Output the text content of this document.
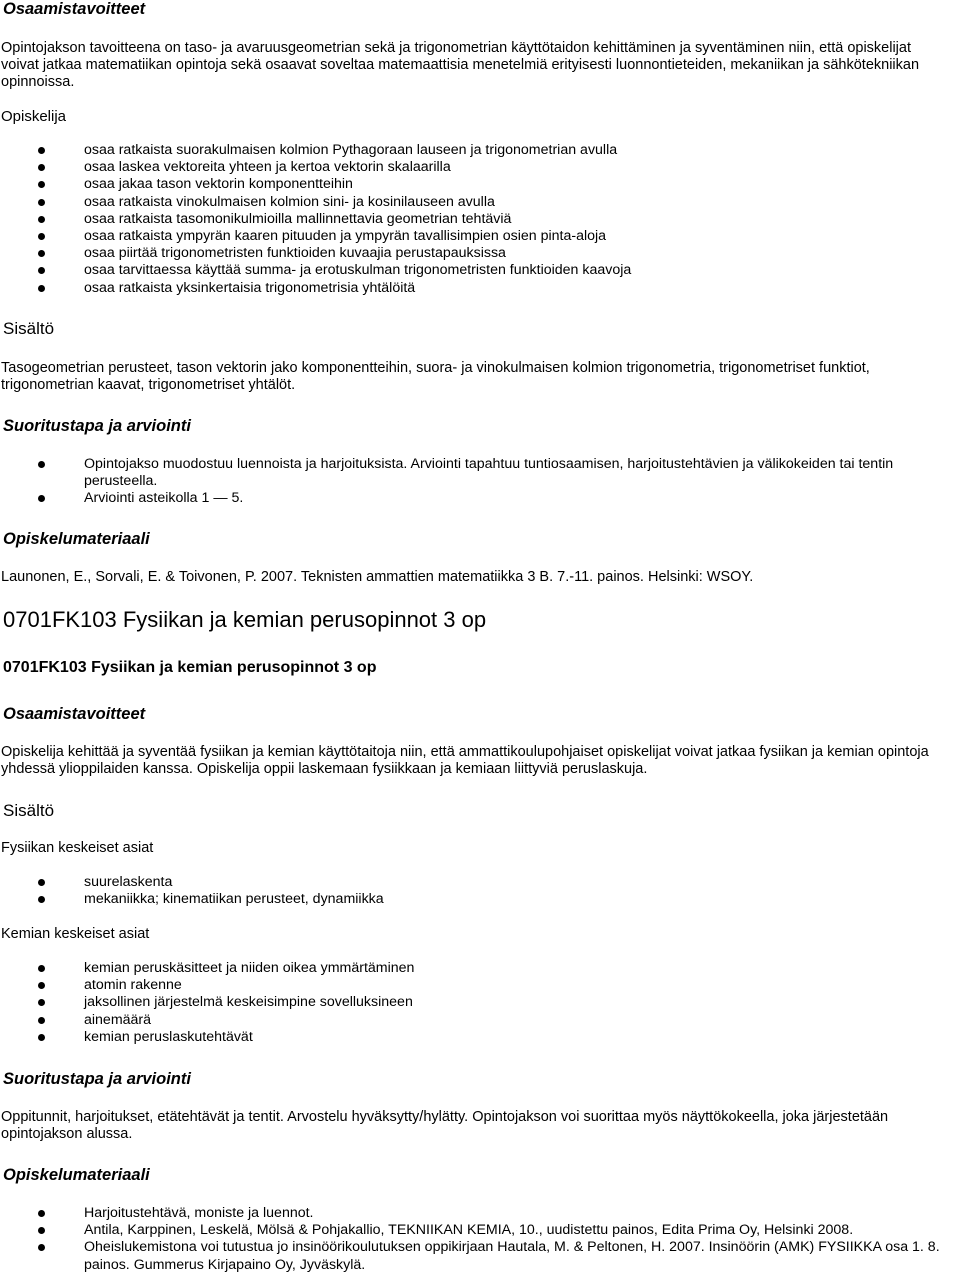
Osaamistavoitteet

Opintojakson tavoitteena on taso- ja avaruusgeometrian sekä ja trigonometrian käyttötaidon kehittäminen ja syventäminen niin, että opiskelijat voivat jatkaa matematiikan opintoja sekä osaavat soveltaa matemaattisia menetelmiä erityisesti luonnontieteiden, mekaniikan ja sähkötekniikan opinnoissa.

Opiskelija

osaa ratkaista suorakulmaisen kolmion Pythagoraan lauseen ja trigonometrian avulla
osaa laskea vektoreita yhteen ja kertoa vektorin skalaarilla
osaa jakaa tason vektorin komponentteihin
osaa ratkaista vinokulmaisen kolmion sini- ja kosinilauseen avulla
osaa ratkaista tasomonikulmioilla mallinnettavia geometrian tehtäviä
osaa ratkaista ympyrän kaaren pituuden ja ympyrän tavallisimpien osien pinta-aloja
osaa piirtää trigonometristen funktioiden kuvaajia perustapauksissa
osaa tarvittaessa käyttää summa- ja erotuskulman trigonometristen funktioiden kaavoja
osaa ratkaista yksinkertaisia trigonometrisia yhtälöitä
Sisältö

Tasogeometrian perusteet, tason vektorin jako komponentteihin, suora- ja vinokulmaisen kolmion trigonometria, trigonometriset funktiot, trigonometrian kaavat, trigonometriset yhtälöt.

Suoritustapa ja arviointi
Opintojakso muodostuu luennoista ja harjoituksista. Arviointi tapahtuu tuntiosaamisen, harjoitustehtävien ja välikokeiden tai tentin perusteella.
Arviointi asteikolla 1 — 5.
Opiskelumateriaali

Launonen, E., Sorvali, E. & Toivonen, P. 2007. Teknisten ammattien matematiikka 3 B. 7.-11. painos. Helsinki: WSOY.

0701FK103 Fysiikan ja kemian perusopinnot 3 op
0701FK103 Fysiikan ja kemian perusopinnot 3 op
Osaamistavoitteet

Opiskelija kehittää ja syventää fysiikan ja kemian käyttötaitoja niin, että ammattikoulupohjaiset opiskelijat voivat jatkaa fysiikan ja kemian opintoja yhdessä ylioppilaiden kanssa. Opiskelija oppii laskemaan fysiikkaan ja kemiaan liittyviä peruslaskuja.

Sisältö

Fysiikan keskeiset asiat

suurelaskenta
mekaniikka; kinematiikan perusteet, dynamiikka

Kemian keskeiset asiat

kemian peruskäsitteet ja niiden oikea ymmärtäminen
atomin rakenne
jaksollinen järjestelmä keskeisimpine sovelluksineen
ainemäärä
kemian peruslaskutehtävät
Suoritustapa ja arviointi

Oppitunnit, harjoitukset, etätehtävät ja tentit. Arvostelu hyväksytty/hylätty. Opintojakson voi suorittaa myös näyttökokeella, joka järjestetään opintojakson alussa.

Opiskelumateriaali
Harjoitustehtävä, moniste ja luennot.
Antila, Karppinen, Leskelä, Mölsä & Pohjakallio, TEKNIIKAN KEMIA, 10., uudistettu painos, Edita Prima Oy, Helsinki 2008.
Oheislukemistona voi tutustua jo insinöörikoulutuksen oppikirjaan Hautala, M. & Peltonen, H. 2007. Insinöörin (AMK) FYSIIKKA osa 1. 8. painos. Gummerus Kirjapaino Oy, Jyväskylä.
